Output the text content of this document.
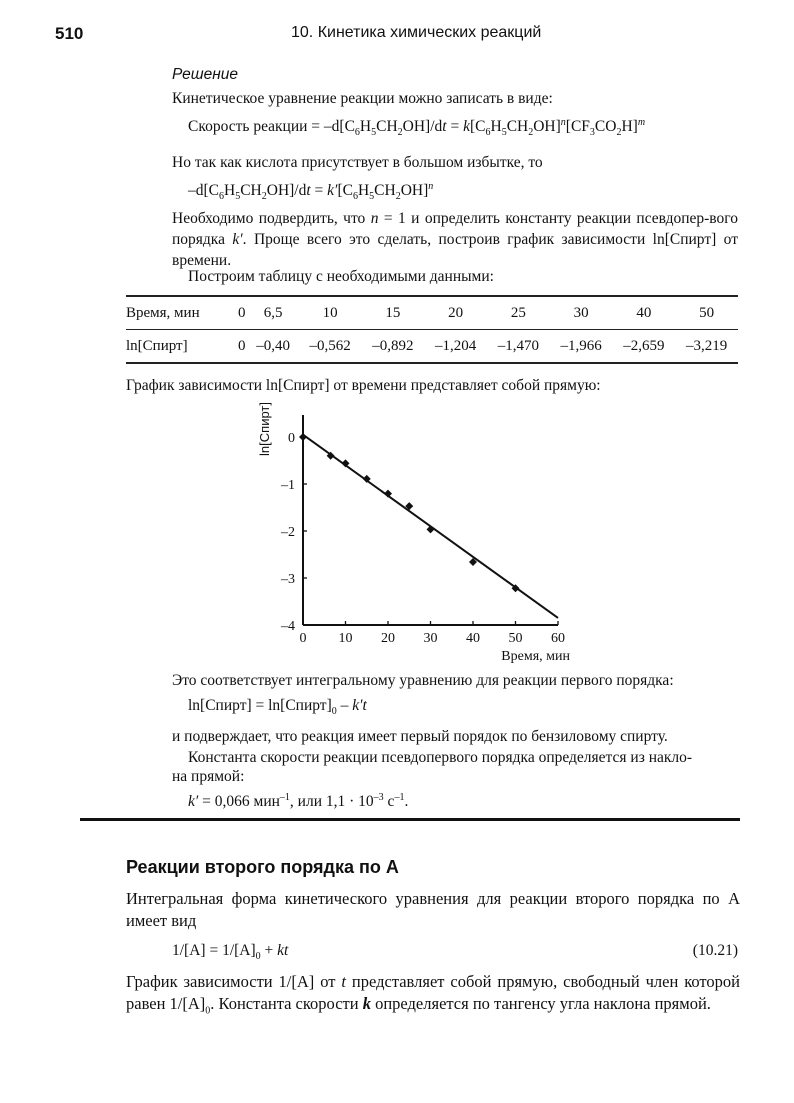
510	10. Кинетика химических реакций
Решение
Кинетическое уравнение реакции можно записать в виде:
Скорость реакции = $-d[C_6H_5CH_2OH]/dt = k[C_6H_5CH_2OH]^n[CF_3CO_2H]^m$
Но так как кислота присутствует в большом избытке, то
$-d[C_6H_5CH_2OH]/dt = k'[C_6H_5CH_2OH]^n$
Необходимо подвердить, что n = 1 и определить константу реакции псевдопер-вого порядка k′. Проще всего это сделать, построив график зависимости ln[Спирт] от времени.
Построим таблицу с необходимыми данными:
Время, мин	0	6,5	10	15	20	25	30	40	50
ln[Спирт]	0	–0,40	–0,562	–0,892	–1,204	–1,470	–1,966	–2,659	–3,219
График зависимости ln[Спирт] от времени представляет собой прямую:
0 10 20 30 40 50 60
0
–1
–2
–3
–4
ln[Спирт]
Время, мин
Это соответствует интегральному уравнению для реакции первого порядка:
ln[Спирт] = $\ln[Спирт]_0 - k't$
и подверждает, что реакция имеет первый порядок по бензиловому спирту.
Константа скорости реакции псевдопервого порядка определяется из накло-
на прямой:
k′ = 0,066 мин$^{-1}$, или $1,1 \cdot 10^{-3}$ $с^{-1}$.
Реакции второго порядка по A
Интегральная форма кинетического уравнения для реакции второго порядка по A имеет вид
$1/[A] = 1/[A]_0$ + kt	(10.21)
График зависимости 1/[A] от t представляет собой прямую, свободный член которой равен $1/[A]_0$. Константа скорости k определяется по тангенсу угла наклона прямой.
